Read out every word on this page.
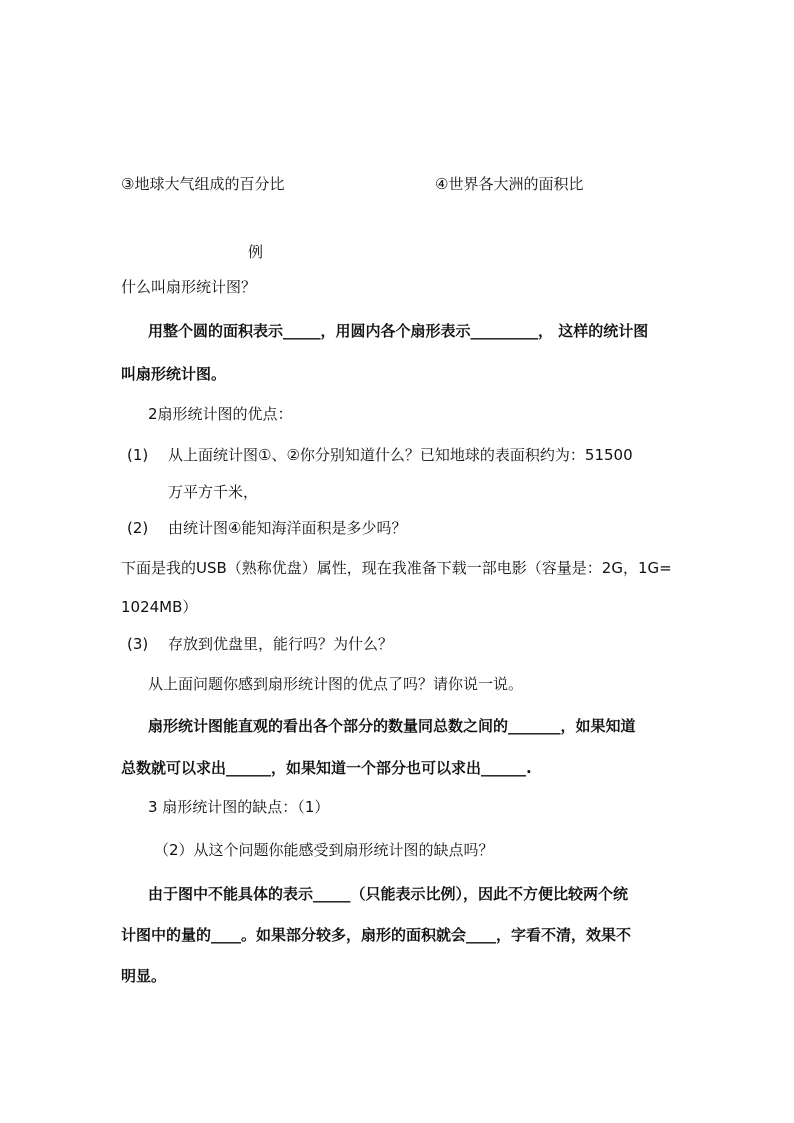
③地球大气组成的百分比	④世界各大洲的面积比
例
什么叫扇形统计图？
用整个圆的面积表示_____，用圆内各个扇形表示_________， 这样的统计图
叫扇形统计图。
2扇形统计图的优点：
(1) 从上面统计图①、②你分别知道什么？已知地球的表面积约为：51500
万平方千米，
(2) 由统计图④能知海洋面积是多少吗？
下面是我的USB（熟称优盘）属性，现在我准备下载一部电影（容量是：2G，1G=
1024MB）
(3) 存放到优盘里，能行吗？为什么？
从上面问题你感到扇形统计图的优点了吗？请你说一说。
扇形统计图能直观的看出各个部分的数量同总数之间的_______，如果知道
总数就可以求出______，如果知道一个部分也可以求出______.
3 扇形统计图的缺点：（1）
（2）从这个问题你能感受到扇形统计图的缺点吗？
由于图中不能具体的表示_____（只能表示比例），因此不方便比较两个统
计图中的量的____。如果部分较多，扇形的面积就会____，字看不清，效果不
明显。
